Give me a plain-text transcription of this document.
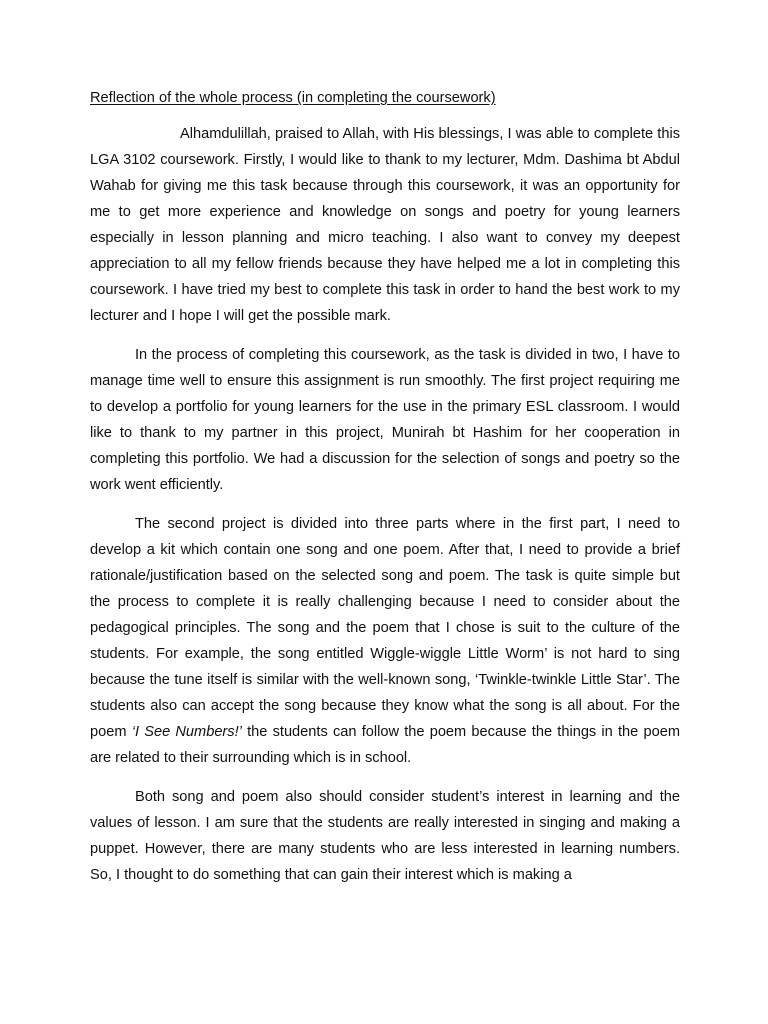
Reflection of the whole process (in completing the coursework)

Alhamdulillah, praised to Allah, with His blessings, I was able to complete this LGA 3102 coursework. Firstly, I would like to thank to my lecturer, Mdm. Dashima bt Abdul Wahab for giving me this task because through this coursework, it was an opportunity for me to get more experience and knowledge on songs and poetry for young learners especially in lesson planning and micro teaching. I also want to convey my deepest appreciation to all my fellow friends because they have helped me a lot in completing this coursework. I have tried my best to complete this task in order to hand the best work to my lecturer and I hope I will get the possible mark.

In the process of completing this coursework, as the task is divided in two, I have to manage time well to ensure this assignment is run smoothly. The first project requiring me to develop a portfolio for young learners for the use in the primary ESL classroom. I would like to thank to my partner in this project, Munirah bt Hashim for her cooperation in completing this portfolio. We had a discussion for the selection of songs and poetry so the work went efficiently.

The second project is divided into three parts where in the first part, I need to develop a kit which contain one song and one poem. After that, I need to provide a brief rationale/justification based on the selected song and poem. The task is quite simple but the process to complete it is really challenging because I need to consider about the pedagogical principles. The song and the poem that I chose is suit to the culture of the students. For example, the song entitled Wiggle-wiggle Little Worm’ is not hard to sing because the tune itself is similar with the well-known song, ‘Twinkle-twinkle Little Star’. The students also can accept the song because they know what the song is all about. For the poem ‘I See Numbers!’ the students can follow the poem because the things in the poem are related to their surrounding which is in school.

Both song and poem also should consider student’s interest in learning and the values of lesson. I am sure that the students are really interested in singing and making a puppet. However, there are many students who are less interested in learning numbers. So, I thought to do something that can gain their interest which is making a
